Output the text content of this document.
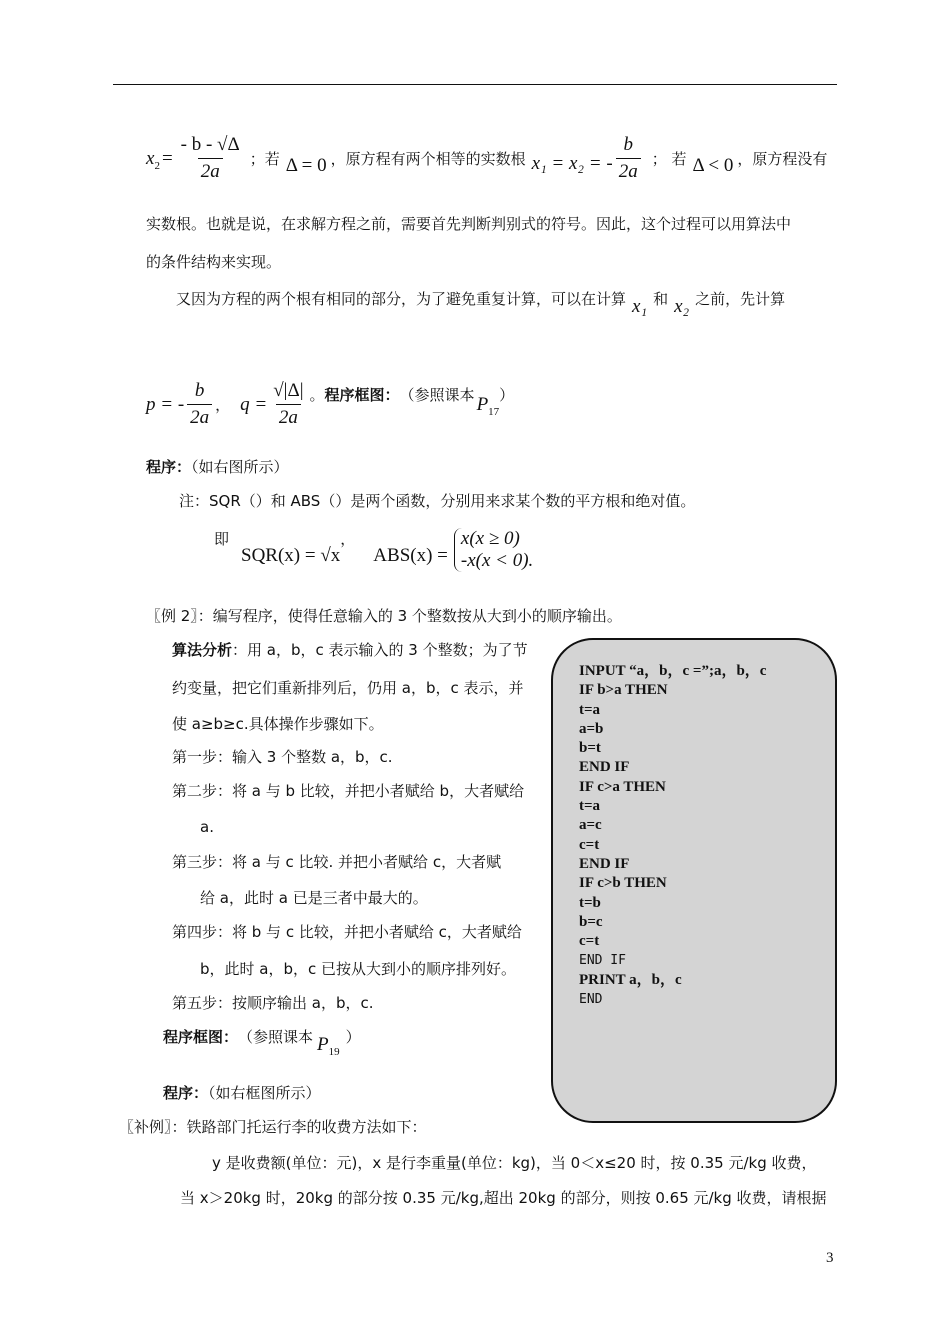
$x_2 = \frac{- b - √\Delta}{2a}$ ；若 Δ = 0 ，原方程有两个相等的实数根 x₁ = x₂ = - $\frac{b}{2a}$ ； 若 Δ < 0 ，原方程没有
实数根。也就是说，在求解方程之前，需要首先判断判别式的符号。因此，这个过程可以用算法中
的条件结构来实现。
又因为方程的两个根有相同的部分，为了避免重复计算，可以在计算 x₁ 和 x₂ 之前，先计算
p = - $\frac{b}{2a}$ ， $q = \frac{√|\Delta|}{2a}$ 。 程序框图： （参照课本 $P_{17}$
）
程序：（如右图所示）
注：SQR（）和 ABS（）是两个函数，分别用来求某个数的平方根和绝对值。
即
SQR(x) = √x
，
ABS(x) =
x(x ≥ 0)
-x(x < 0).
〖例 2〗：编写程序，使得任意输入的 3 个整数按从大到小的顺序输出。
算法分析：用 a，b，c 表示输入的 3 个整数；为了节
约变量，把它们重新排列后，仍用 a，b，c 表示，并
使 a≥b≥c.具体操作步骤如下。
第一步：输入 3 个整数 a，b，c.
第二步：将 a 与 b 比较，并把小者赋给 b，大者赋给
a.
第三步：将 a 与 c 比较. 并把小者赋给 c，大者赋
给 a，此时 a 已是三者中最大的。
第四步：将 b 与 c 比较，并把小者赋给 c，大者赋给
b，此时 a，b，c 已按从大到小的顺序排列好。
第五步：按顺序输出 a，b，c.
程序框图： （参照课本 $P_{19}$
）
程序：（如右框图所示）
INPUT “a，b，c =”;a，b，c
IF b>a THEN
t=a
a=b
b=t
END IF
IF c>a THEN
t=a
a=c
c=t
END IF
IF c>b THEN
t=b
b=c
c=t
END IF
PRINT a，b，c
END
〖补例〗：铁路部门托运行李的收费方法如下：
y 是收费额(单位：元)，x 是行李重量(单位：kg)，当 0＜x≤20 时，按 0.35 元/kg 收费，
当 x＞20kg 时，20kg 的部分按 0.35 元/kg,超出 20kg 的部分，则按 0.65 元/kg 收费，请根据
3
